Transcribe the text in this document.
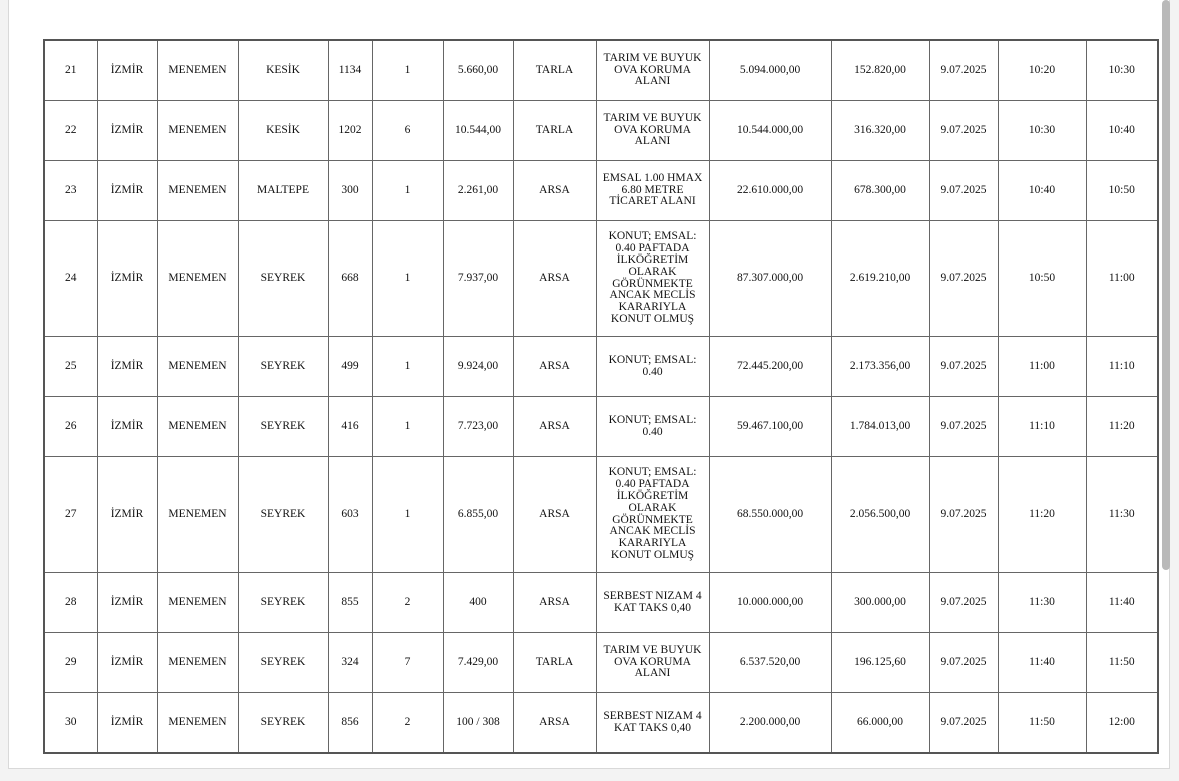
21	İZMİR	MENEMEN	KESİK	1134	1	5.660,00	TARLA	TARIM VE BÜYÜK OVA KORUMA ALANI	5.094.000,00	152.820,00	9.07.2025	10:20	10:30
22	İZMİR	MENEMEN	KESİK	1202	6	10.544,00	TARLA	TARIM VE BÜYÜK OVA KORUMA ALANI	10.544.000,00	316.320,00	9.07.2025	10:30	10:40
23	İZMİR	MENEMEN	MALTEPE	300	1	2.261,00	ARSA	EMSAL 1.00 HMAX 6.80 METRE TİCARET ALANI	22.610.000,00	678.300,00	9.07.2025	10:40	10:50
24	İZMİR	MENEMEN	SEYREK	668	1	7.937,00	ARSA	KONUT; EMSAL: 0.40 PAFTADA İLKÖĞRETİM OLARAK GÖRÜNMEKTE ANCAK MECLİS KARARIYLA KONUT OLMUŞ	87.307.000,00	2.619.210,00	9.07.2025	10:50	11:00
25	İZMİR	MENEMEN	SEYREK	499	1	9.924,00	ARSA	KONUT; EMSAL: 0.40	72.445.200,00	2.173.356,00	9.07.2025	11:00	11:10
26	İZMİR	MENEMEN	SEYREK	416	1	7.723,00	ARSA	KONUT; EMSAL: 0.40	59.467.100,00	1.784.013,00	9.07.2025	11:10	11:20
27	İZMİR	MENEMEN	SEYREK	603	1	6.855,00	ARSA	KONUT; EMSAL: 0.40 PAFTADA İLKÖĞRETİM OLARAK GÖRÜNMEKTE ANCAK MECLİS KARARIYLA KONUT OLMUŞ	68.550.000,00	2.056.500,00	9.07.2025	11:20	11:30
28	İZMİR	MENEMEN	SEYREK	855	2	400	ARSA	SERBEST NİZAM 4 KAT TAKS 0,40	10.000.000,00	300.000,00	9.07.2025	11:30	11:40
29	İZMİR	MENEMEN	SEYREK	324	7	7.429,00	TARLA	TARIM VE BÜYÜK OVA KORUMA ALANI	6.537.520,00	196.125,60	9.07.2025	11:40	11:50
30	İZMİR	MENEMEN	SEYREK	856	2	100 / 308	ARSA	SERBEST NİZAM 4 KAT TAKS 0,40	2.200.000,00	66.000,00	9.07.2025	11:50	12:00
